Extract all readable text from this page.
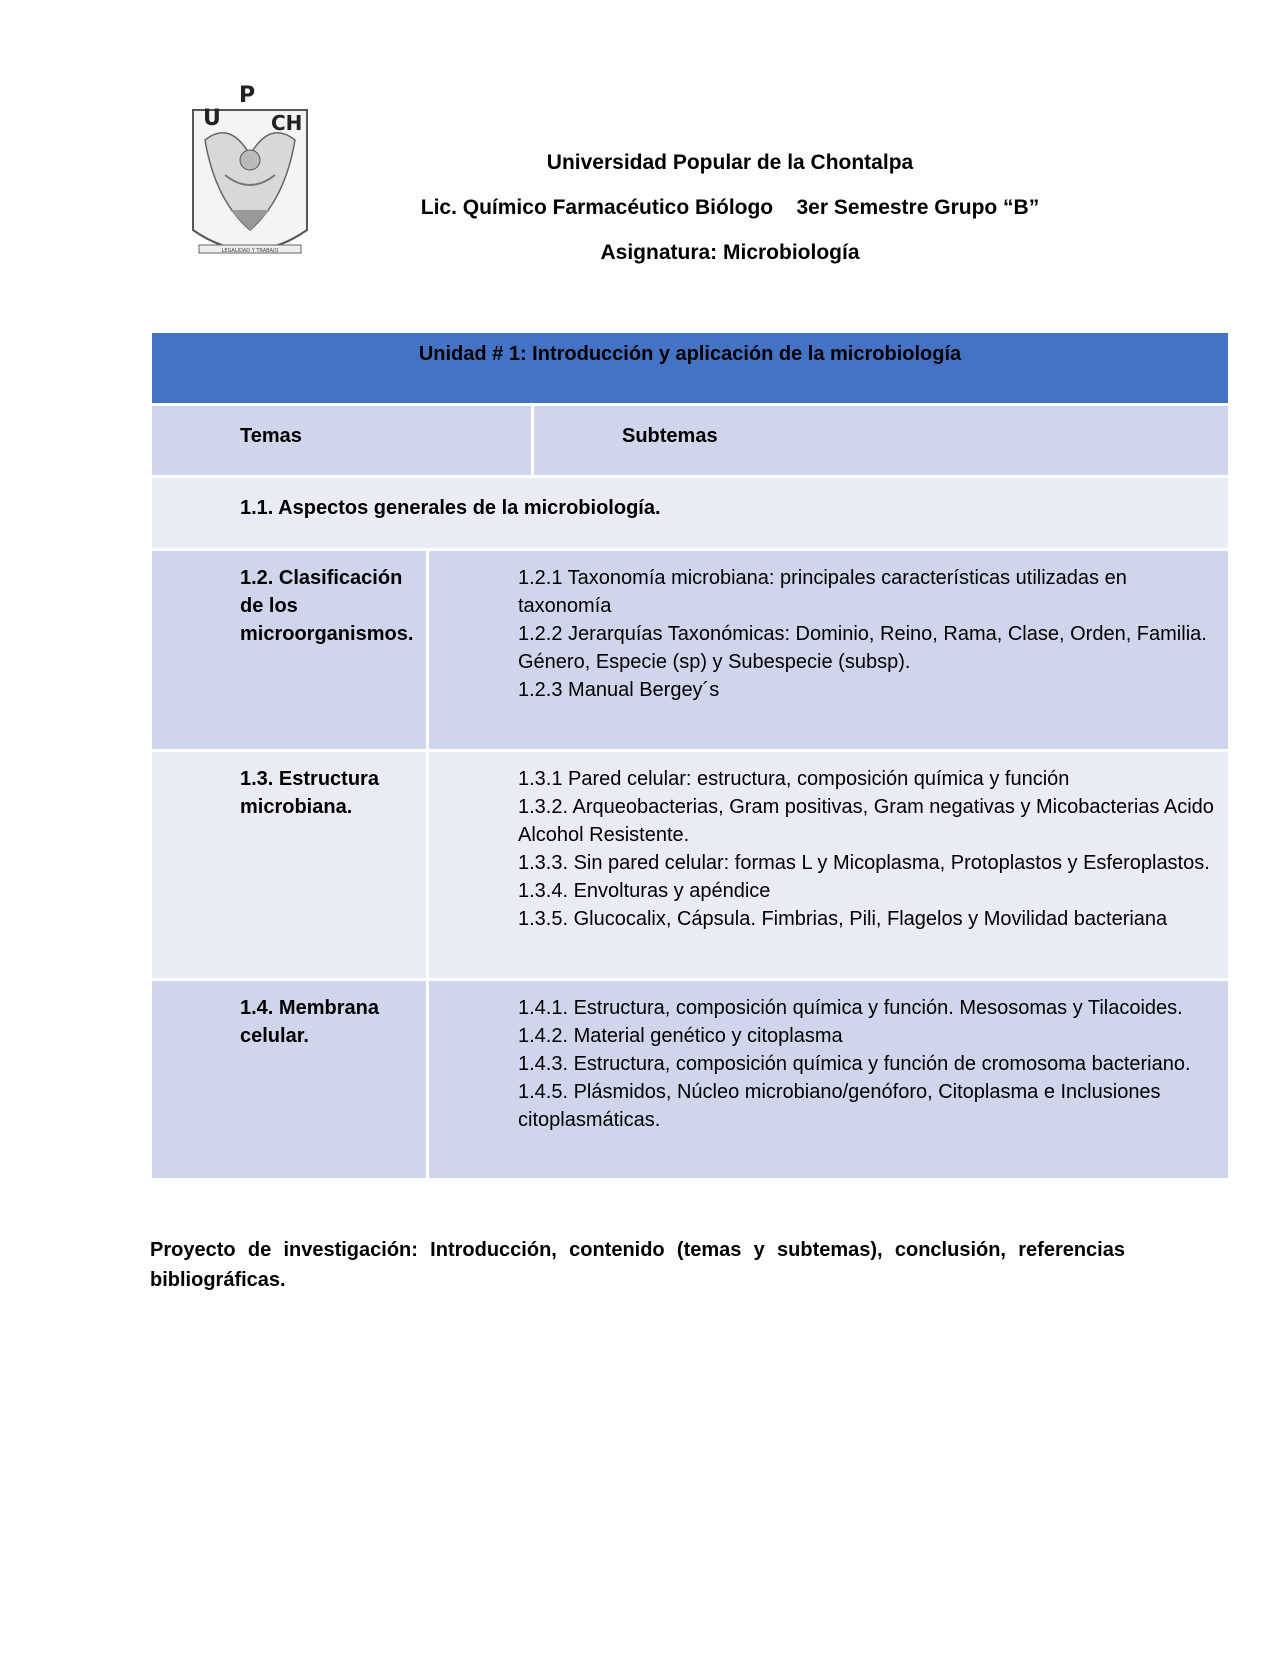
U
P
CH
LEGALIDAD Y TRABAJO
Universidad Popular de la Chontalpa
Lic. Químico Farmacéutico Biólogo    3er Semestre Grupo “B”
Asignatura: Microbiología
Unidad # 1: Introducción y aplicación de la microbiología
Temas	Subtemas
1.1. Aspectos generales de la microbiología.
1.2. Clasificación de los microorganismos.
1.2.1 Taxonomía microbiana: principales características utilizadas en taxonomía
1.2.2 Jerarquías Taxonómicas: Dominio, Reino, Rama, Clase, Orden, Familia. Género, Especie (sp) y Subespecie (subsp).
1.2.3 Manual Bergey´s
1.3. Estructura microbiana.
1.3.1 Pared celular: estructura, composición química y función
1.3.2. Arqueobacterias, Gram positivas, Gram negativas y Micobacterias Acido Alcohol Resistente.
1.3.3. Sin pared celular: formas L y Micoplasma, Protoplastos y Esferoplastos.
1.3.4. Envolturas y apéndice
1.3.5. Glucocalix, Cápsula. Fimbrias, Pili, Flagelos y Movilidad bacteriana
1.4. Membrana celular.
1.4.1. Estructura, composición química y función. Mesosomas y Tilacoides.
1.4.2. Material genético y citoplasma
1.4.3. Estructura, composición química y función de cromosoma bacteriano.
1.4.5. Plásmidos, Núcleo microbiano/genóforo, Citoplasma e Inclusiones citoplasmáticas.
Proyecto de investigación: Introducción, contenido (temas y subtemas), conclusión, referencias bibliográficas.
